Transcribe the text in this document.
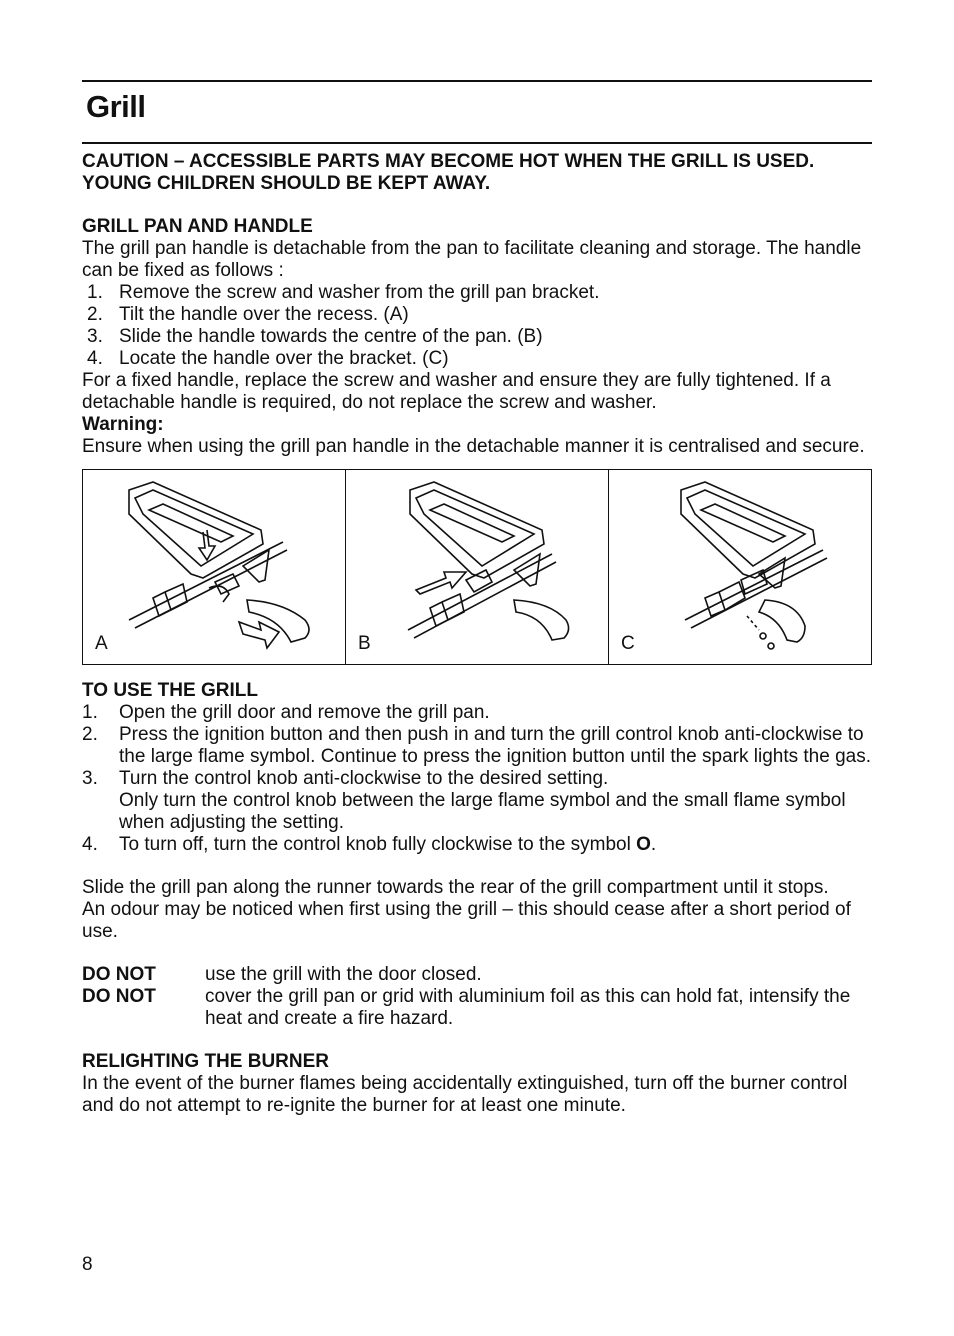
Grill

CAUTION – ACCESSIBLE PARTS MAY BECOME HOT WHEN THE GRILL IS USED.

YOUNG CHILDREN SHOULD BE KEPT AWAY.

GRILL PAN AND HANDLE

The grill pan handle is detachable from the pan to facilitate cleaning and storage. The handle can be fixed as follows :

1. Remove the screw and washer from the grill pan bracket.
2. Tilt the handle over the recess. (A)
3. Slide the handle towards the centre of the pan. (B)
4. Locate the handle over the bracket. (C)

For a fixed handle, replace the screw and washer and ensure they are fully tightened. If a detachable handle is required, do not replace the screw and washer.

Warning:

Ensure when using the grill pan handle in the detachable manner it is centralised and secure.

A	B	C

TO USE THE GRILL

1.	Open the grill door and remove the grill pan.
2.	Press the ignition button and then push in and turn the grill control knob anti-clockwise to the large flame symbol. Continue to press the ignition button until the spark lights the gas.
3.	Turn the control knob anti-clockwise to the desired setting.
Only turn the control knob between the large flame symbol and the small flame symbol when adjusting the setting.
4.	To turn off, turn the control knob fully clockwise to the symbol O.

Slide the grill pan along the runner towards the rear of the grill compartment until it stops.

An odour may be noticed when first using the grill – this should cease after a short period of use.

DO NOT	use the grill with the door closed.
DO NOT	cover the grill pan or grid with aluminium foil as this can hold fat, intensify the heat and create a fire hazard.

RELIGHTING THE BURNER

In the event of the burner flames being accidentally extinguished, turn off the burner control and do not attempt to re-ignite the burner for at least one minute.

8
